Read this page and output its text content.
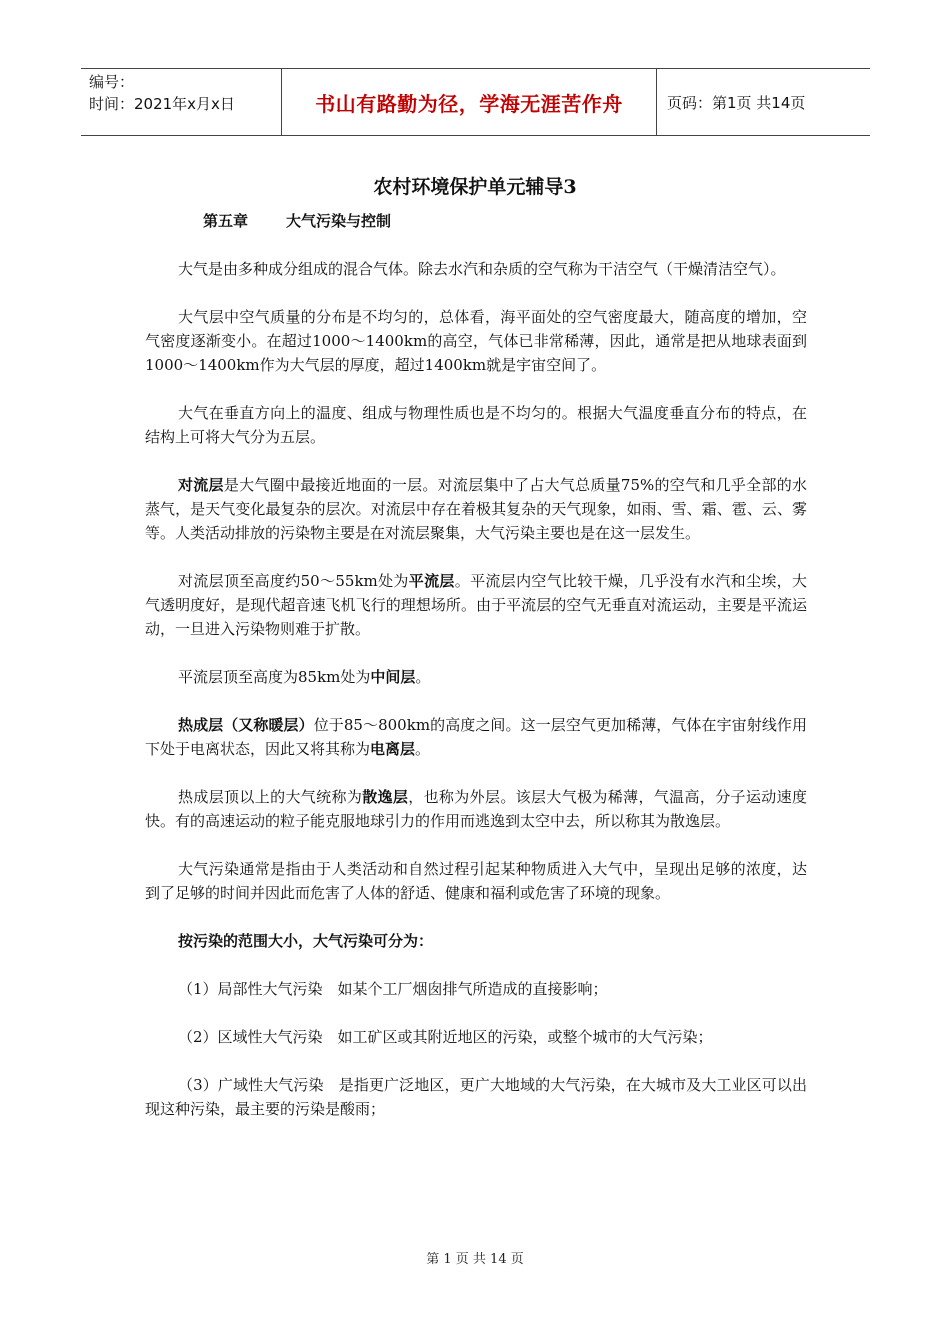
编号：
时间：2021年x月x日	书山有路勤为径，学海无涯苦作舟	页码：第1页 共14页
农村环境保护单元辅导3
第五章	大气污染与控制

大气是由多种成分组成的混合气体。除去水汽和杂质的空气称为干洁空气（干燥清洁空气）。

大气层中空气质量的分布是不均匀的，总体看，海平面处的空气密度最大，随高度的增加，空气密度逐渐变小。在超过1000～1400km的高空，气体已非常稀薄，因此，通常是把从地球表面到1000～1400km作为大气层的厚度，超过1400km就是宇宙空间了。

大气在垂直方向上的温度、组成与物理性质也是不均匀的。根据大气温度垂直分布的特点，在结构上可将大气分为五层。

对流层是大气圈中最接近地面的一层。对流层集中了占大气总质量75%的空气和几乎全部的水蒸气，是天气变化最复杂的层次。对流层中存在着极其复杂的天气现象，如雨、雪、霜、雹、云、雾等。人类活动排放的污染物主要是在对流层聚集，大气污染主要也是在这一层发生。

对流层顶至高度约50～55km处为平流层。平流层内空气比较干燥，几乎没有水汽和尘埃，大气透明度好，是现代超音速飞机飞行的理想场所。由于平流层的空气无垂直对流运动，主要是平流运动，一旦进入污染物则难于扩散。

平流层顶至高度为85km处为中间层。

热成层（又称暖层）位于85～800km的高度之间。这一层空气更加稀薄，气体在宇宙射线作用下处于电离状态，因此又将其称为电离层。

热成层顶以上的大气统称为散逸层，也称为外层。该层大气极为稀薄，气温高，分子运动速度快。有的高速运动的粒子能克服地球引力的作用而逃逸到太空中去，所以称其为散逸层。

大气污染通常是指由于人类活动和自然过程引起某种物质进入大气中，呈现出足够的浓度，达到了足够的时间并因此而危害了人体的舒适、健康和福利或危害了环境的现象。

按污染的范围大小，大气污染可分为：

（1）局部性大气污染　如某个工厂烟囱排气所造成的直接影响；

（2）区域性大气污染　如工矿区或其附近地区的污染，或整个城市的大气污染；

（3）广域性大气污染　是指更广泛地区，更广大地域的大气污染，在大城市及大工业区可以出现这种污染，最主要的污染是酸雨；

第 1 页 共 14 页
